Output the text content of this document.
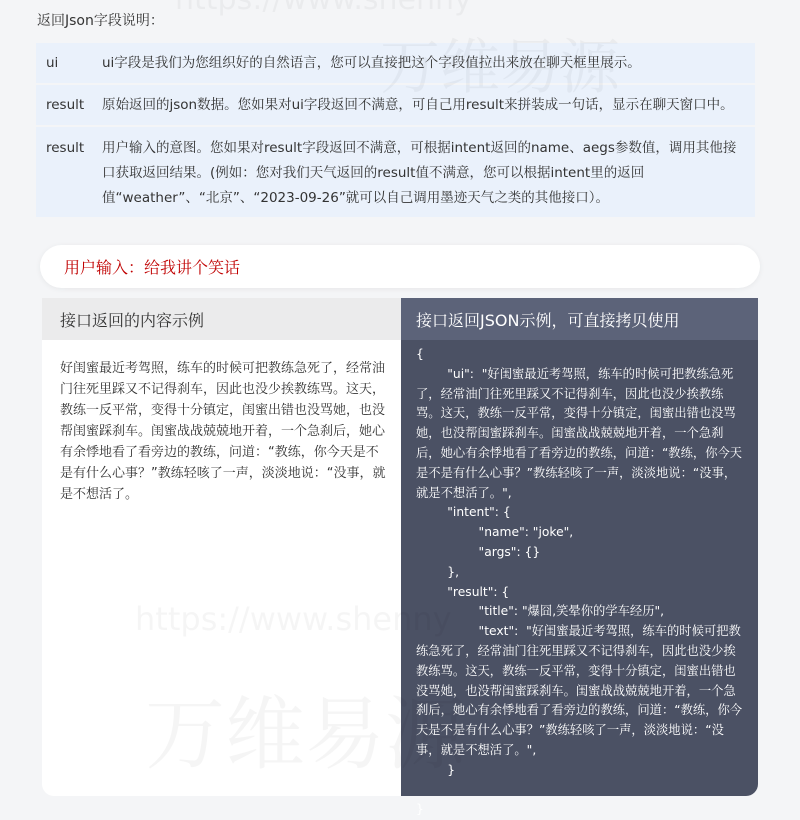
返回Json字段说明：
ui	ui字段是我们为您组织好的自然语言，您可以直接把这个字段值拉出来放在聊天框里展示。
result	原始返回的json数据。您如果对ui字段返回不满意，可自己用result来拼装成一句话，显示在聊天窗口中。
result	用户输入的意图。您如果对result字段返回不满意，可根据intent返回的name、aegs参数值，调用其他接口获取返回结果。(例如：您对我们天气返回的result值不满意，您可以根据intent里的返回值“weather”、“北京”、“2023-09-26”就可以自己调用墨迹天气之类的其他接口）。
用户输入：给我讲个笑话
接口返回的内容示例
好闺蜜最近考驾照，练车的时候可把教练急死了，经常油门往死里踩又不记得刹车，因此也没少挨教练骂。这天，教练一反平常，变得十分镇定，闺蜜出错也没骂她，也没帮闺蜜踩刹车。闺蜜战战兢兢地开着，一个急刹后，她心有余悸地看了看旁边的教练，问道：“教练，你今天是不是有什么心事？”教练轻咳了一声，淡淡地说：“没事，就是不想活了。
接口返回JSON示例，可直接拷贝使用
{
"ui":  "好闺蜜最近考驾照，练车的时候可把教练急死了，经常油门往死里踩又不记得刹车，因此也没少挨教练骂。这天，教练一反平常，变得十分镇定，闺蜜出错也没骂她，也没帮闺蜜踩刹车。闺蜜战战兢兢地开着，一个急刹后，她心有余悸地看了看旁边的教练，问道：“教练，你今天是不是有什么心事？”教练轻咳了一声，淡淡地说：“没事，就是不想活了。",
"intent": {
"name": "joke",
"args": {}
},
"result": {
"title": "爆囧,笑晕你的学车经历",
"text":  "好闺蜜最近考驾照，练车的时候可把教练急死了，经常油门往死里踩又不记得刹车，因此也没少挨教练骂。这天，教练一反平常，变得十分镇定，闺蜜出错也没骂她，也没帮闺蜜踩刹车。闺蜜战战兢兢地开着，一个急刹后，她心有余悸地看了看旁边的教练，问道：“教练，你今天是不是有什么心事？”教练轻咳了一声，淡淡地说：“没事，就是不想活了。",
}

}
